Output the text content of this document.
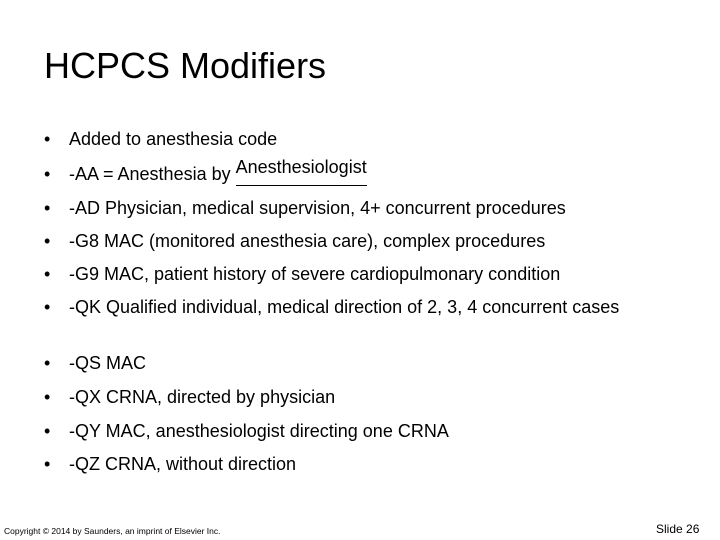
HCPCS Modifiers
•	Added to anesthesia code
•	-AA = Anesthesia by Anesthesiologist
•	-AD Physician, medical supervision, 4+ concurrent procedures
•	-G8 MAC (monitored anesthesia care), complex procedures
•	-G9 MAC, patient history of severe cardiopulmonary condition
•	-QK Qualified individual, medical direction of 2, 3, 4 concurrent cases
•	-QS MAC
•	-QX CRNA, directed by physician
•	-QY MAC, anesthesiologist directing one CRNA
•	-QZ CRNA, without direction
Copyright © 2014 by Saunders, an imprint of Elsevier Inc.	Slide 26
